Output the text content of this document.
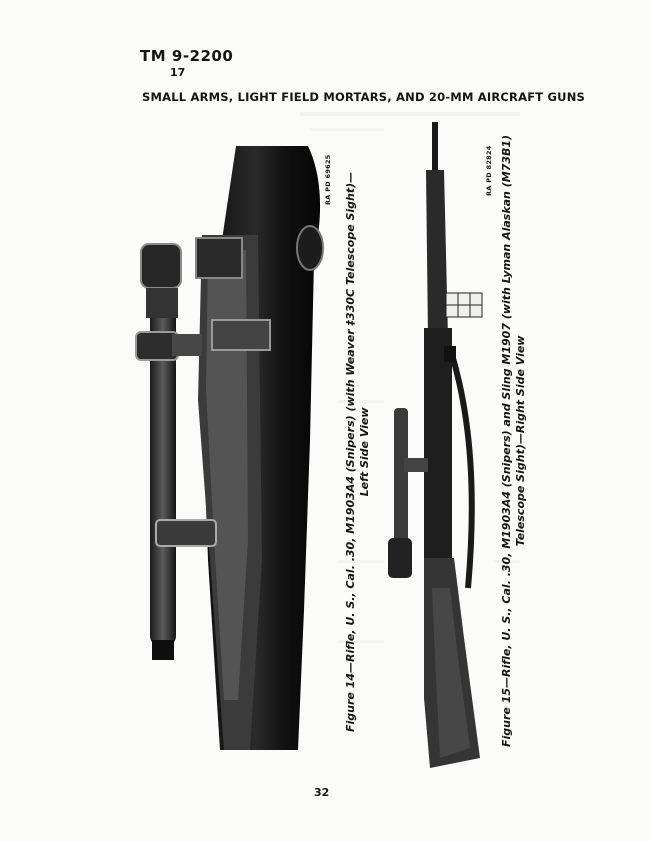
TM 9-2200
17
SMALL ARMS, LIGHT FIELD MORTARS, AND 20-MM AIRCRAFT GUNS
Figure 14—Rifle, U. S., Cal. .30, M1903A4 (Snipers) (with Weaver ‡330C Telescope Sight)— Left Side View
RA PD 69625	Figure 15—Rifle, U. S., Cal. .30, M1903A4 (Snipers) and Sling M1907 (with Lyman Alaskan (M73B1) Telescope Sight)—Right Side View
RA PD 82824
32
